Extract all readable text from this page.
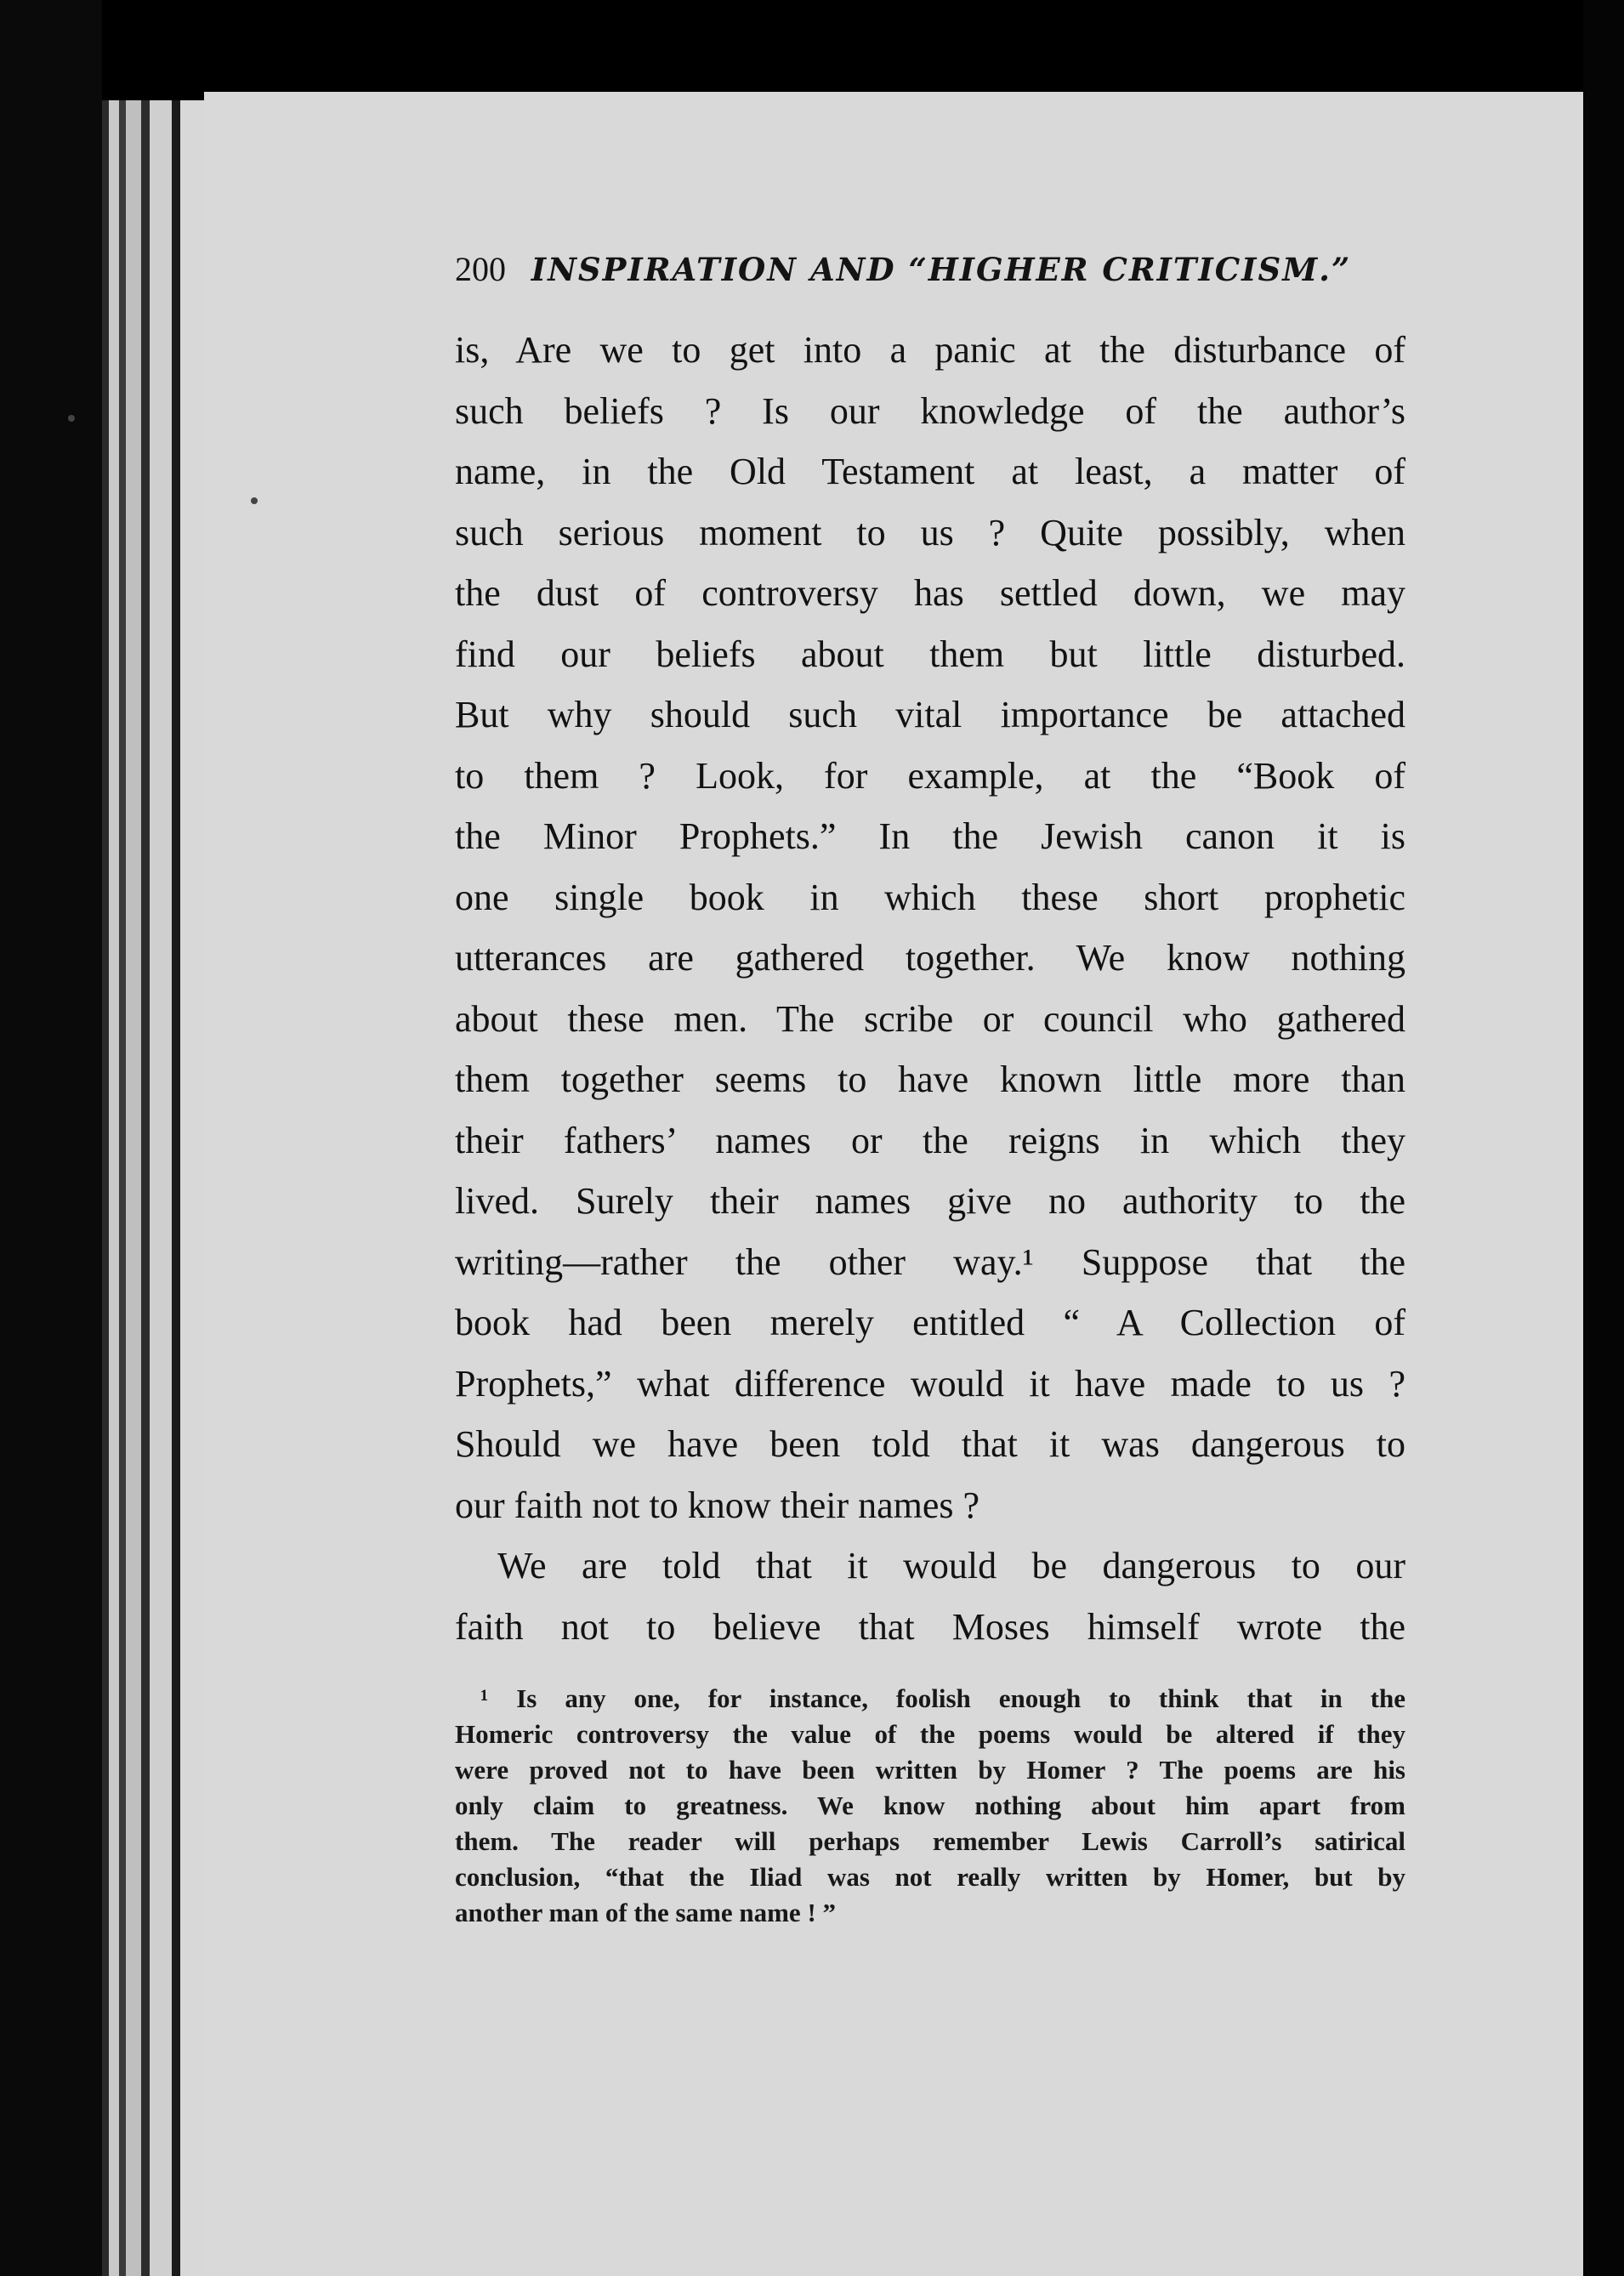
200 INSPIRATION AND “HIGHER CRITICISM.”
is, Are we to get into a panic at the disturbance of
such beliefs ? Is our knowledge of the author’s
name, in the Old Testament at least, a matter of
such serious moment to us ? Quite possibly, when
the dust of controversy has settled down, we may
find our beliefs about them but little disturbed.
But why should such vital importance be attached
to them ? Look, for example, at the “Book of
the Minor Prophets.” In the Jewish canon it is
one single book in which these short prophetic
utterances are gathered together. We know nothing
about these men. The scribe or council who gathered
them together seems to have known little more than
their fathers’ names or the reigns in which they
lived. Surely their names give no authority to the
writing—rather the other way.¹ Suppose that the
book had been merely entitled “ A Collection of
Prophets,” what difference would it have made to us ?
Should we have been told that it was dangerous to
our faith not to know their names ?
We are told that it would be dangerous to our
faith not to believe that Moses himself wrote the
¹ Is any one, for instance, foolish enough to think that in the
Homeric controversy the value of the poems would be altered if they
were proved not to have been written by Homer ? The poems are his
only claim to greatness. We know nothing about him apart from
them. The reader will perhaps remember Lewis Carroll’s satirical
conclusion, “that the Iliad was not really written by Homer, but by
another man of the same name ! ”
